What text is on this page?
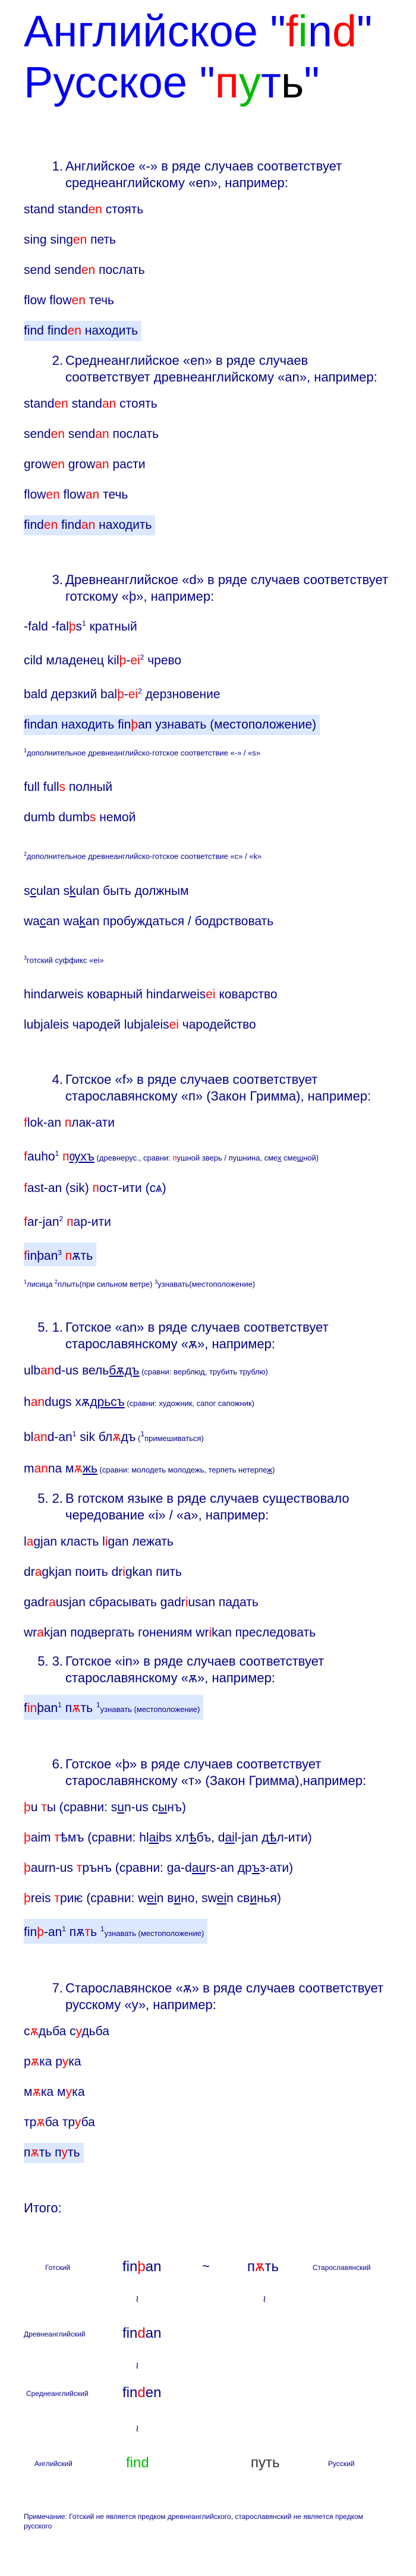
Английское "find"
Русское "путь"
1. Английское «-» в ряде случаев соответствует среднеанглийскому «en», например:
stand standen стоять
sing singen петь
send senden послать
flow flowen течь
find finden находить
2. Среднеанглийское «en» в ряде случаев соответствует древнеанглийскому «an», например:
standen standan стоять
senden sendan послать
growen growan расти
flowen flowan течь
finden findan находить
3. Древнеанглийское «d» в ряде случаев соответствует готскому «þ», например:
-fald -falþs$^1$ кратный
cild младенец kilþ-$ei^2$ чрево
bald дерзкий balþ-$ei^2$ дерзновение
findan находить finþan узнавать (местоположение)
$^1$дополнительное древнеанглийско-готское соответствие «-» / «s»
full fulls полный
dumb dumbs немой
$^2$дополнительное древнеанглийско-готское соответствие «c» / «k»
sculan skulan быть должным
wacan wakan пробуждаться / бодрствовать
$^3$готский суффикс «ei»
hindarweis коварный hindarweisei коварство
lubjaleis чародей lubjaleisei чародейство
4. Готское «f» в ряде случаев соответствует старославянскому «п» (Закон Гримма), например:
flok-an плак-ати
fauho$^1$ пѹхъ (древнерус., сравни: пушной зверь / пушнина, смех смешной)
fast-an (sik) пост-ити (сѧ)
far-jan$^2$ пар-ити
finþan$^3$ пѫть
$^1$лисица $^2$плыть(при сильном ветре) $^3$узнавать(местоположение)
5. 1. Готское «an» в ряде случаев соответствует старославянскому «ѫ», например:
ulband-us вельбѫдъ (сравни: верблюд, трубить трублю)
handugs хѫдрьсъ (сравни: художник, сапог сапожник)
bland-$an^1$ sik блѫдъ ($^1$примешиваться)
manna мѫжь (сравни: молодеть молодежь, терпеть нетерпеж)
5. 2. В готском языке в ряде случаев существовало чередование «i» / «a», например:
lagjan класть ligan лежать
dragkjan поить drigkan пить
gadrausjan сбрасывать gadriusan падать
wrakjan подвергать гонениям wrikan преследовать
5. 3. Готское «in» в ряде случаев соответствует старославянскому «ѫ», например:
finþan$^1$ пѫть $^1$узнавать (местоположение)
6. Готское «þ» в ряде случаев соответствует старославянскому «т» (Закон Гримма),например:
þu ты (сравни: sun-us сынъ)
þaim тѣмъ (сравни: hlaibs хлѣбъ, dail-jan дѣл-ити)
þaurn-us трънъ (сравни: ga-daurs-an дръз-ати)
þreis триѥ (сравни: wein вино, swein свинья)
finþ-$an^1$ пѫть $^1$узнавать (местоположение)
7. Старославянское «ѫ» в ряде случаев соответствует русскому «у», например:
сѫдьба судьба
рѫка рука
мѫка мука
трѫба труба
пѫть путь
Итого:
Готский	finþan	~	пѫть	Старославянский
≀	≀
Древнеанглийский	findan
≀
Среднеанглийский finden
≀
Английский	find	путь	Русский
Примечание: Готский не является предком древнеанглийского, старославянский не является предком русского
